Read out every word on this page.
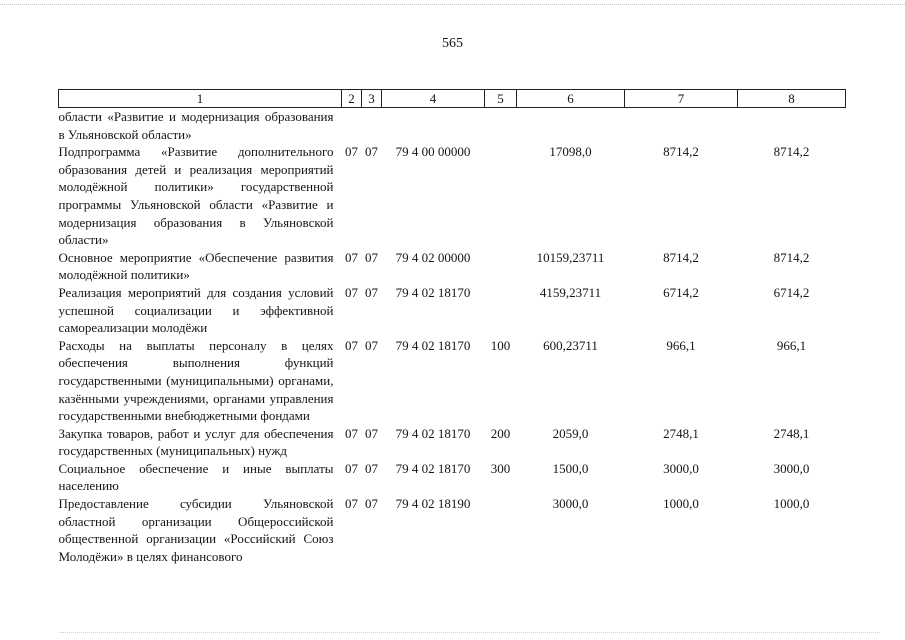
565
1	2	3	4	5	6	7	8
области «Развитие и модернизация образования в Ульяновской области»							
Подпрограмма «Развитие дополнительного образования детей и реализация мероприятий молодёжной политики» государственной программы Ульяновской области «Развитие и модернизация образования в Ульяновской области»	07	07	79 4 00 00000		17098,0	8714,2	8714,2
Основное мероприятие «Обеспечение развития молодёжной политики»	07	07	79 4 02 00000		10159,23711	8714,2	8714,2
Реализация мероприятий для создания условий успешной социализации и эффективной самореализации молодёжи	07	07	79 4 02 18170		4159,23711	6714,2	6714,2
Расходы на выплаты персоналу в целях обеспечения выполнения функций государственными (муниципальными) органами, казёнными учреждениями, органами управления государственными внебюджетными фондами	07	07	79 4 02 18170	100	600,23711	966,1	966,1
Закупка товаров, работ и услуг для обеспечения государственных (муниципальных) нужд	07	07	79 4 02 18170	200	2059,0	2748,1	2748,1
Социальное обеспечение и иные выплаты населению	07	07	79 4 02 18170	300	1500,0	3000,0	3000,0
Предоставление субсидии Ульяновской областной организации Общероссийской общественной организации «Российский Союз Молодёжи» в целях финансового	07	07	79 4 02 18190		3000,0	1000,0	1000,0
